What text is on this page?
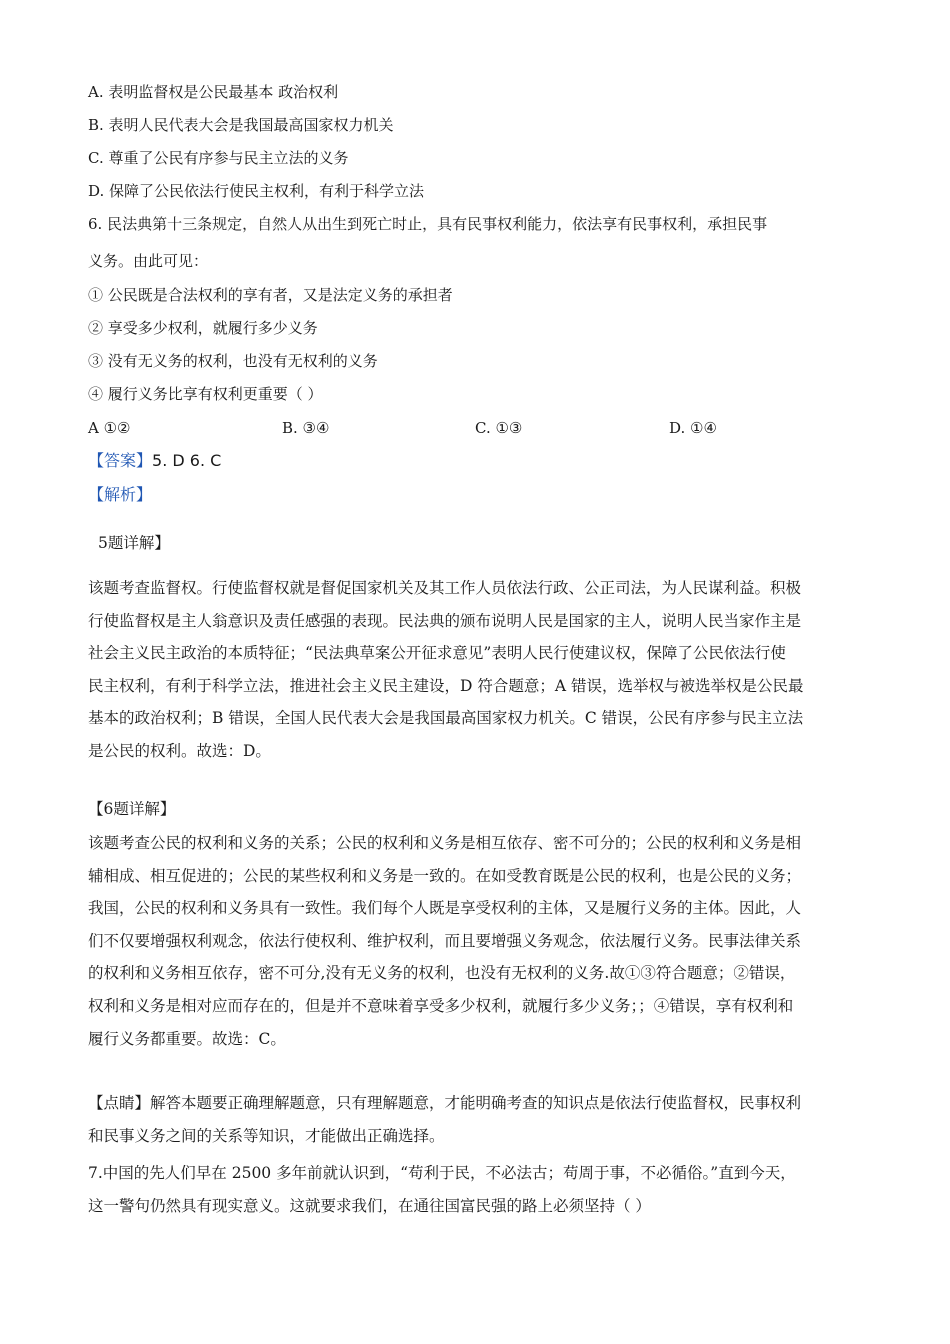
A. 表明监督权是公民最基本 政治权利
B. 表明人民代表大会是我国最高国家权力机关
C. 尊重了公民有序参与民主立法的义务
D. 保障了公民依法行使民主权利，有利于科学立法
6. 民法典第十三条规定，自然人从出生到死亡时止，具有民事权利能力，依法享有民事权利，承担民事
义务。由此可见：
① 公民既是合法权利的享有者，又是法定义务的承担者
② 享受多少权利，就履行多少义务
③ 没有无义务的权利，也没有无权利的义务
④ 履行义务比享有权利更重要（ ）
A ①②	B. ③④	C. ①③	D. ①④
【答案】5. D 6. C
【解析】
5题详解】
该题考查监督权。行使监督权就是督促国家机关及其工作人员依法行政、公正司法，为人民谋利益。积极
行使监督权是主人翁意识及责任感强的表现。民法典的颁布说明人民是国家的主人，说明人民当家作主是
社会主义民主政治的本质特征；“民法典草案公开征求意见”表明人民行使建议权，保障了公民依法行使
民主权利，有利于科学立法，推进社会主义民主建设，D 符合题意；A 错误，选举权与被选举权是公民最
基本的政治权利；B 错误，全国人民代表大会是我国最高国家权力机关。C 错误，公民有序参与民主立法
是公民的权利。故选：D。
【6题详解】
该题考查公民的权利和义务的关系；公民的权利和义务是相互依存、密不可分的；公民的权利和义务是相
辅相成、相互促进的；公民的某些权利和义务是一致的。在如受教育既是公民的权利，也是公民的义务；
我国，公民的权利和义务具有一致性。我们每个人既是享受权利的主体，又是履行义务的主体。因此，人
们不仅要增强权利观念，依法行使权利、维护权利，而且要增强义务观念，依法履行义务。民事法律关系
的权利和义务相互依存，密不可分,没有无义务的权利，也没有无权利的义务.故①③符合题意；②错误，
权利和义务是相对应而存在的，但是并不意味着享受多少权利，就履行多少义务；；④错误，享有权利和
履行义务都重要。故选：C。
【点睛】解答本题要正确理解题意，只有理解题意，才能明确考查的知识点是依法行使监督权，民事权利
和民事义务之间的关系等知识，才能做出正确选择。
7.中国的先人们早在 2500 多年前就认识到，“苟利于民，不必法古；苟周于事，不必循俗。”直到今天，
这一警句仍然具有现实意义。这就要求我们，在通往国富民强的路上必须坚持（ ）
